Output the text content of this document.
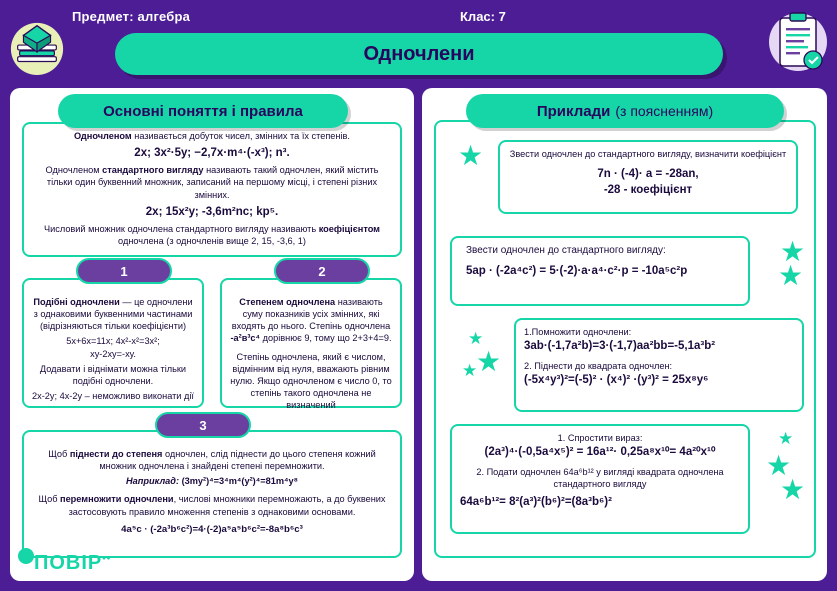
Предмет: алгебра	Клас: 7
Одночлени
Одночленом називається добуток чисел, змінних та їх степенів.
2х; 3х²·5у; −2,7х·m⁴·(-х³); n³.
Одночленом стандартного вигляду називають такий одночлен, який містить тільки один буквенний множник, записаний на першому місці, і степені різних змінних.
2х; 15х²у; -3,6m²nc; kр⁵.
Числовий множник одночлена стандартного вигляду називають коефіцієнтом одночлена (з одночленів вище 2, 15, -3,6, 1)
1	2
3
Подібні одночлени — це одночлени з однаковими буквенними частинами (відрізняються тільки коефіцієнти)
5х+6х=11х; 4х²-х²=3х²;
ху-2ху=-ху.
Додавати і віднімати можна тільки подібні одночлени.
2х-2у; 4х-2у – неможливо виконати дії
Степенем одночлена називають суму показників усіх змінних, які входять до нього. Степінь одночлена -а²в³с⁴ дорівнює 9, тому що 2+3+4=9.
Степінь одночлена, який є числом, відмінним від нуля, вважають рівним нулю. Якщо одночленом є число 0, то степінь такого одночлена не визначений
Щоб піднести до степеня одночлен, слід піднести до цього степеня кожний множник одночлена і знайдені степені перемножити.
Наприклад: (3mу²)⁴=3⁴m⁴(у²)⁴=81m⁴у⁸
Щоб перемножити одночлени, числові множники перемножають, а до буквених застосовують правило множення степенів з однаковими основами.
4а⁵с · (-2а³b⁶с²)=4·(-2)а⁵а⁵b⁶с²=-8а⁸b⁶с³
Звести одночлен до стандартного вигляду, визначити коефіцієнт
7n · (-4)· a = -28an,
-28 - коефіцієнт
Звести одночлен до стандартного вигляду:
5ap · (-2a⁴c²) = 5·(-2)·a·a⁴·c²·p = -10a⁵c²p
1.Помножити одночлени:
3ab·(-1,7a²b)=3·(-1,7)aa²bb=-5,1a³b²
2. Піднести до квадрата одночлен:
(-5x⁴y³)²=(-5)² · (x⁴)² ·(y³)² = 25x⁸y⁶
1. Спростити вираз:
(2a³)⁴·(-0,5a⁴x⁵)² = 16a¹²· 0,25a⁸x¹⁰= 4a²⁰x¹⁰
2. Подати одночлен 64a⁶b¹² у вигляді квадрата одночлена стандартного вигляду
64a⁶b¹²= 8²(a³)²(b⁶)²=(8a³b⁶)²
★
★
★
★
★
★
★
★
★
Основні поняття і правила	Приклади (з поясненням)
ПОВІР••
